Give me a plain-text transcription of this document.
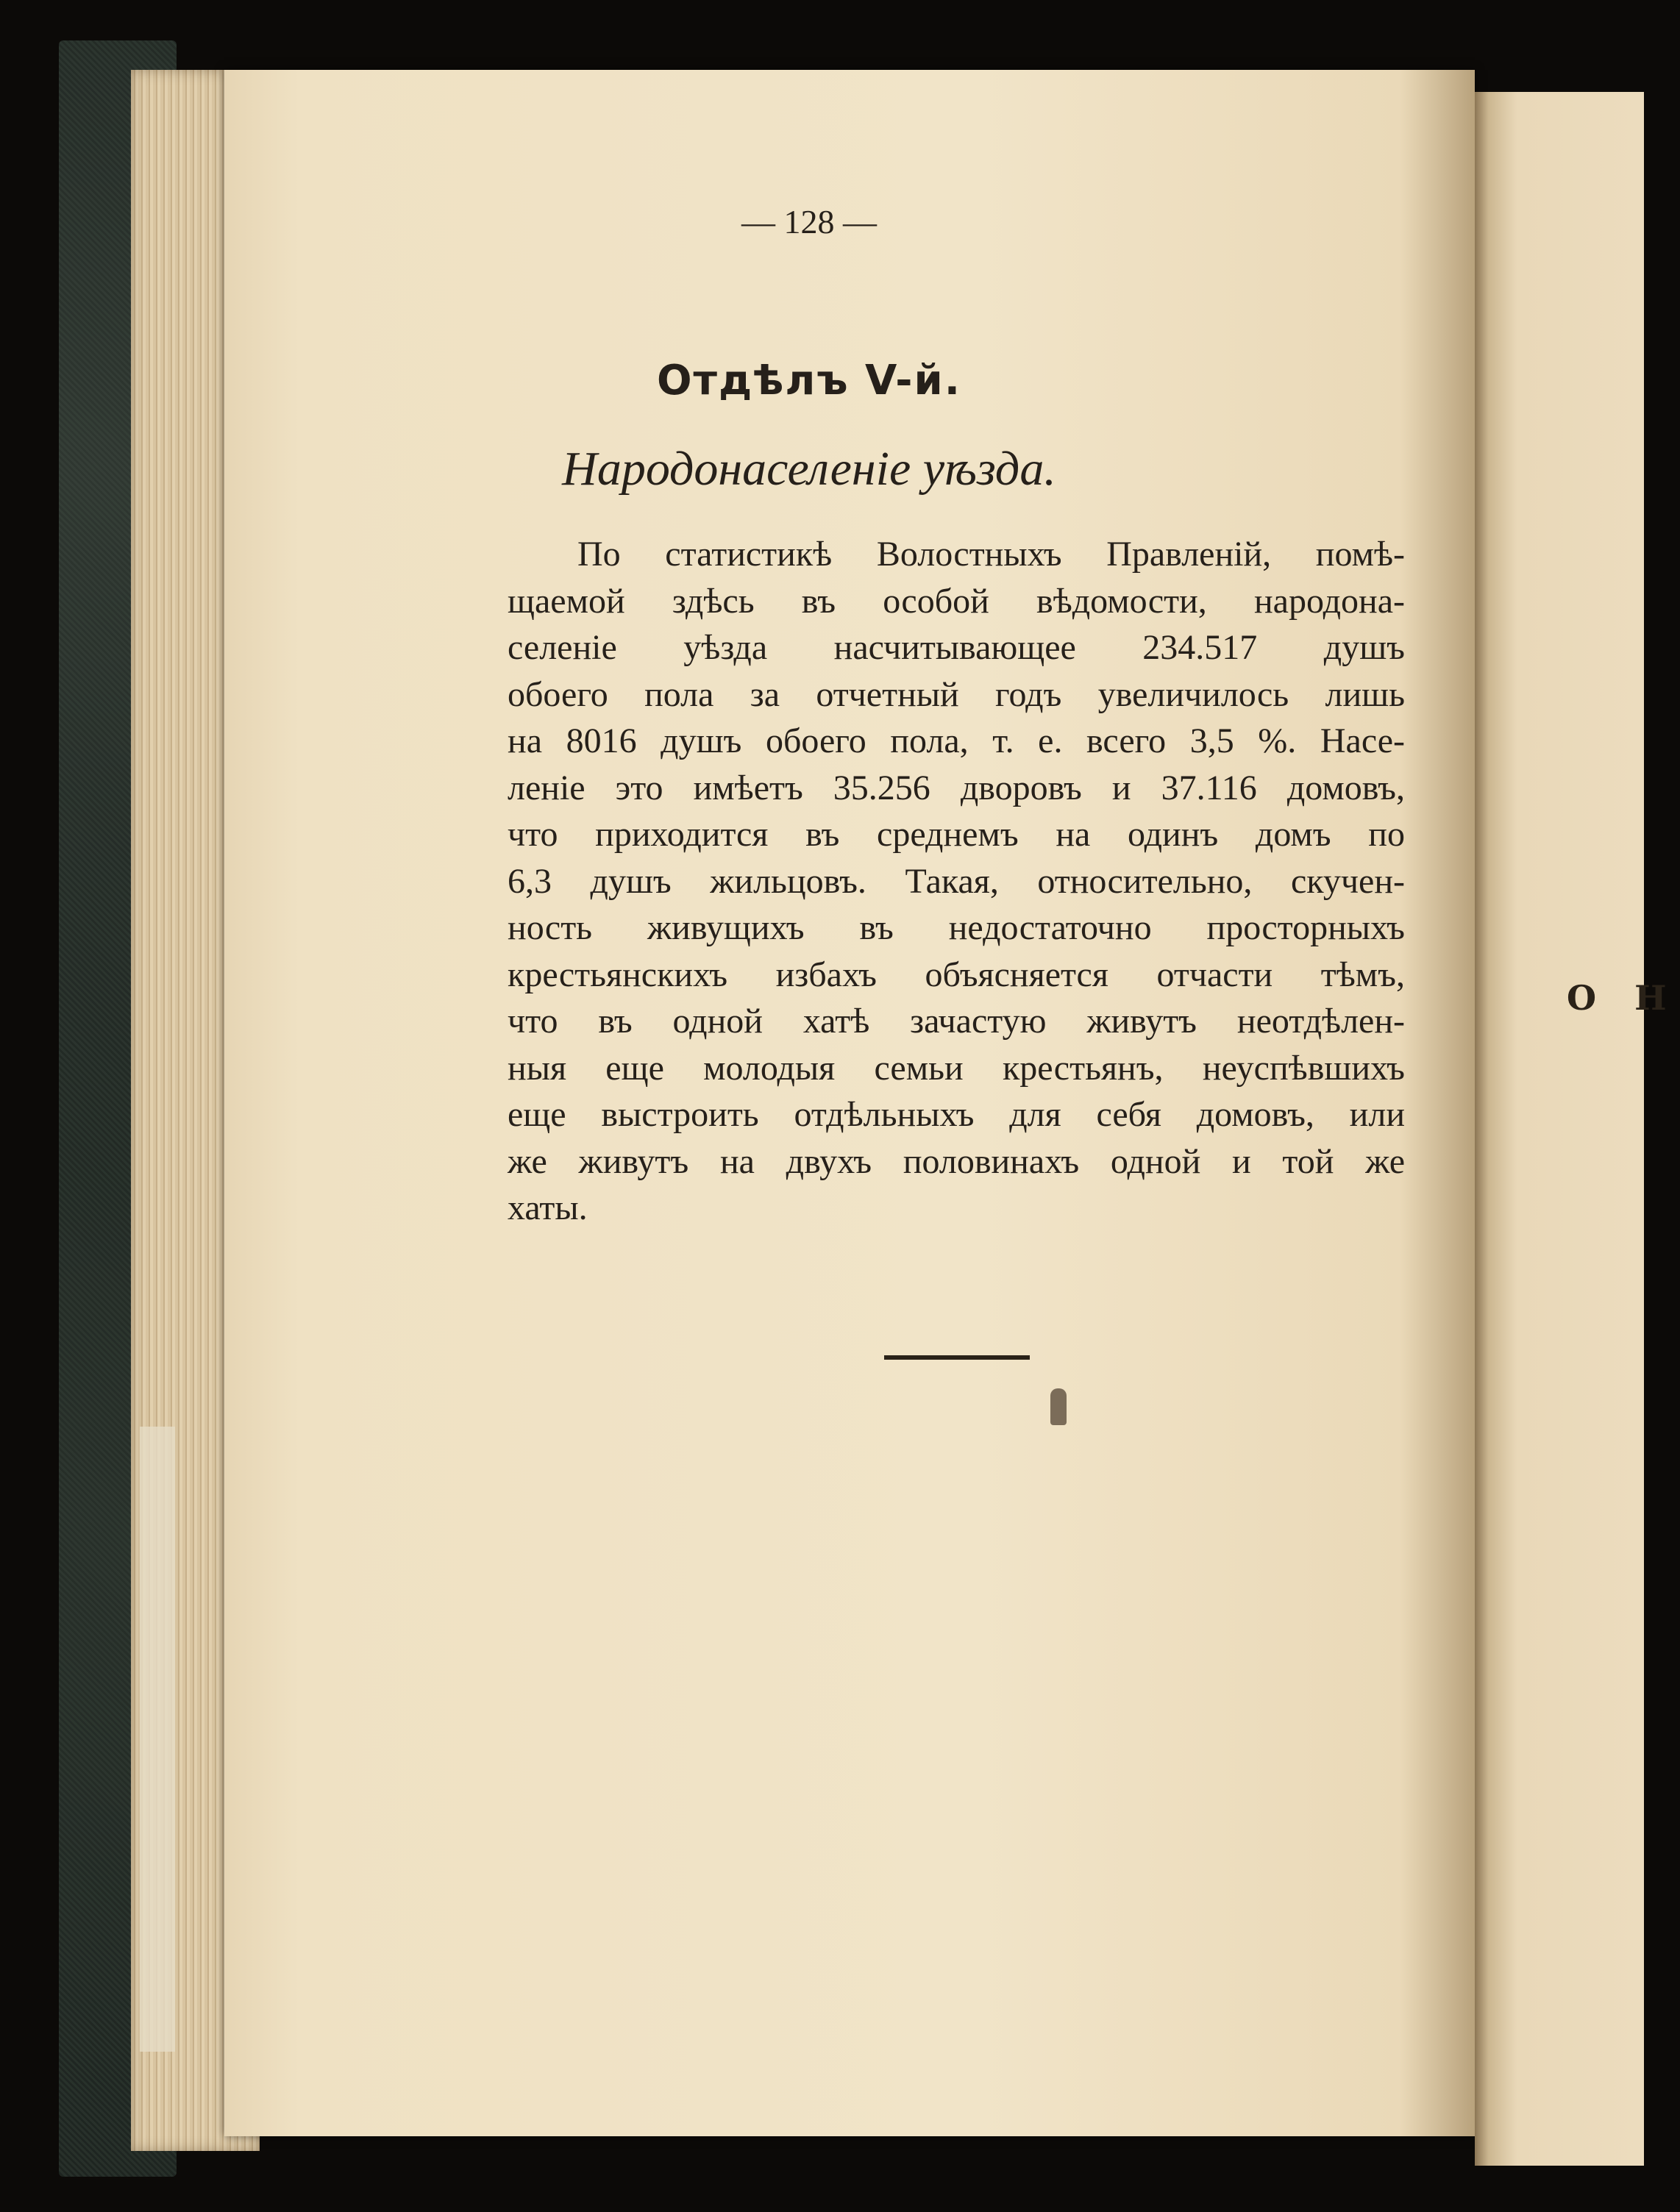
О Н
— 128 —
Отдѣлъ V-й.
Народонаселеніе уѣзда.
По статистикѣ Волостныхъ Правленій, помѣ-
щаемой здѣсь въ особой вѣдомости, народона-
селеніе уѣзда насчитывающее 234.517 душъ
обоего пола за отчетный годъ увеличилось лишь
на 8016 душъ обоего пола, т. е. всего 3,5 %. Насе-
леніе это имѣетъ 35.256 дворовъ и 37.116 домовъ,
что приходится въ среднемъ на одинъ домъ по
6,3 душъ жильцовъ. Такая, относительно, скучен-
ность живущихъ въ недостаточно просторныхъ
крестьянскихъ избахъ объясняется отчасти тѣмъ,
что въ одной хатѣ зачастую живутъ неотдѣлен-
ныя еще молодыя семьи крестьянъ, неуспѣвшихъ
еще выстроить отдѣльныхъ для себя домовъ, или
же живутъ на двухъ половинахъ одной и той же
хаты.
